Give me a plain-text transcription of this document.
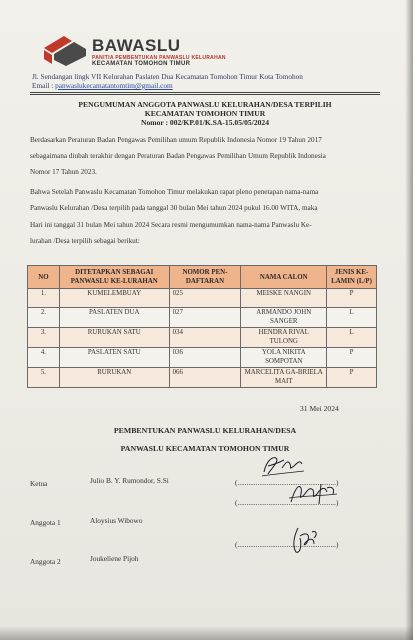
BAWASLU
PANITIA PEMBENTUKAN PANWASLU KELURAHAN
KECAMATAN TOMOHON TIMUR
Jl. Sendangan lingk VII Kelurahan Paslaten Dua Kecamatan Tomohon Timur Kota Tomohon
Email : panwaslukecamatantomtim@gmail.com
PENGUMUMAN ANGGOTA PANWASLU KELURAHAN/DESA TERPILIH
KECAMATAN TOMOHON TIMUR
Nomor : 002/KP.01/K.SA-15.05/05/2024
Berdasarkan Peraturan Badan Pengawas Pemilihan umum Republik Indonesia Nomor 19 Tahun 2017
sebagaimana diubah terakhir dengan Peraturan Badan Pengawas Pemilihan Umum Republik Indonesia
Nomor 17 Tahun 2023.
Bahwa Setelah Panwaslu Kecamatan Tomohon Timur melakukan rapat pleno penetapan nama-nama
Panwaslu Kelurahan /Desa terpilih pada tanggal 30 bulan Mei tahun 2024 pukul 16.00 WITA, maka
Hari ini tanggal 31 bulan Mei tahun 2024 Secara resmi mengumumkan nama-nama Panwaslu Ke-
lurahan /Desa terpilih sebagai berikut:
NO	DITETAPKAN SEBAGAI PANWASLU KE-LURAHAN	NOMOR PEN-DAFTARAN	NAMA CALON	JENIS KE-LAMIN (L/P)
1.	KUMELEMBUAY	025	MEISKE NANGIN	P
2.	PASLATEN DUA	027	ARMANDO JOHN SANGER	L
3.	RURUKAN SATU	034	HENDRA RIVAL TULONG	L
4.	PASLATEN SATU	036	YOLA NIKITA SOMPOTAN	P
5.	RURUKAN	066	MARCELITA GA-BRIELA MAIT	P
31 Mei 2024
PEMBENTUKAN PANWASLU KELURAHAN/DESA
PANWASLU KECAMATAN TOMOHON TIMUR
Ketua	Julio B. Y. Rumondor, S.Si	(......................................................)
Anggota 1	Aloysius Wibowo
(......................................................)
Anggota 2	Joukeliene Pijoh
(......................................................)
